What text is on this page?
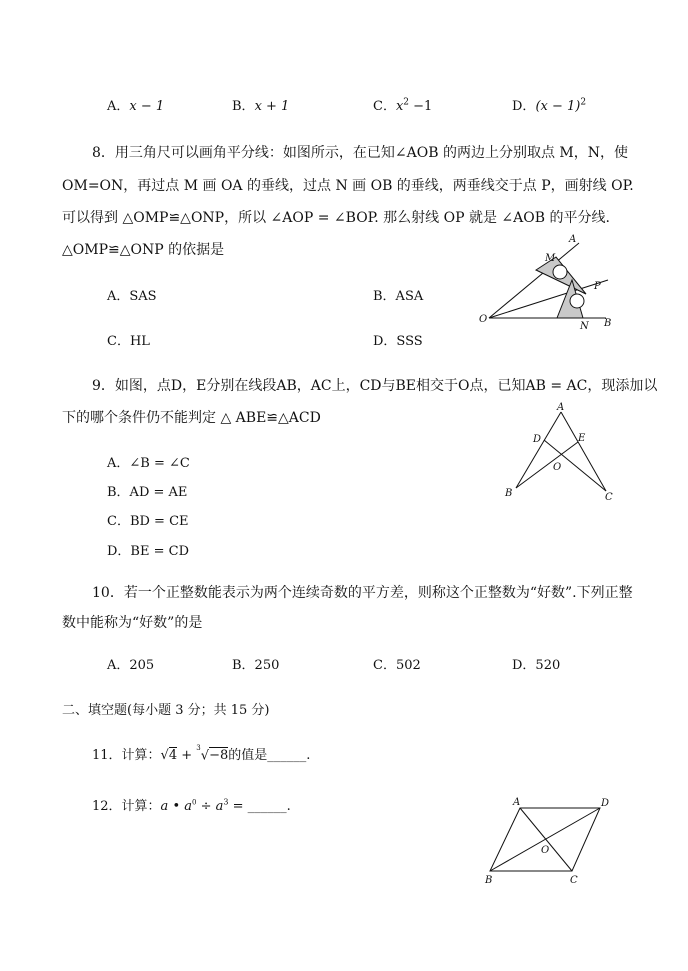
A．x − 1	B．x + 1	C．$x^2 -1$	D．$(x - 1)^2$
8．用三角尺可以画角平分线：如图所示，在已知∠AOB 的两边上分别取点 M，N，使
OM=ON，再过点 M 画 OA 的垂线，过点 N 画 OB 的垂线，两垂线交于点 P，画射线 OP.
可以得到 △OMP≌△ONP，所以 ∠AOP = ∠BOP. 那么射线 OP 就是 ∠AOB 的平分线.
△OMP≌△ONP 的依据是
A．SAS	B．ASA
C．HL	D．SSS
A
M
P
O
N B
9．如图，点D，E分别在线段AB，AC上，CD与BE相交于O点，已知AB = AC，现添加以
下的哪个条件仍不能判定 △ ABE≌△ACD
A．∠B = ∠C
B．AD = AE
C．BD = CE
D．BE = CD
A
D	E
O
B	C
10．若一个正整数能表示为两个连续奇数的平方差，则称这个正整数为“好数”.下列正整
数中能称为“好数”的是
A．205	B．250	C．502	D．520
二、填空题(每小题 3 分；共 15 分)
11．计算：√4 + $^3$√−8的值是______.
12．计算：a • $a^0 \div a^3$ = ______.	A	D
O
B	C
